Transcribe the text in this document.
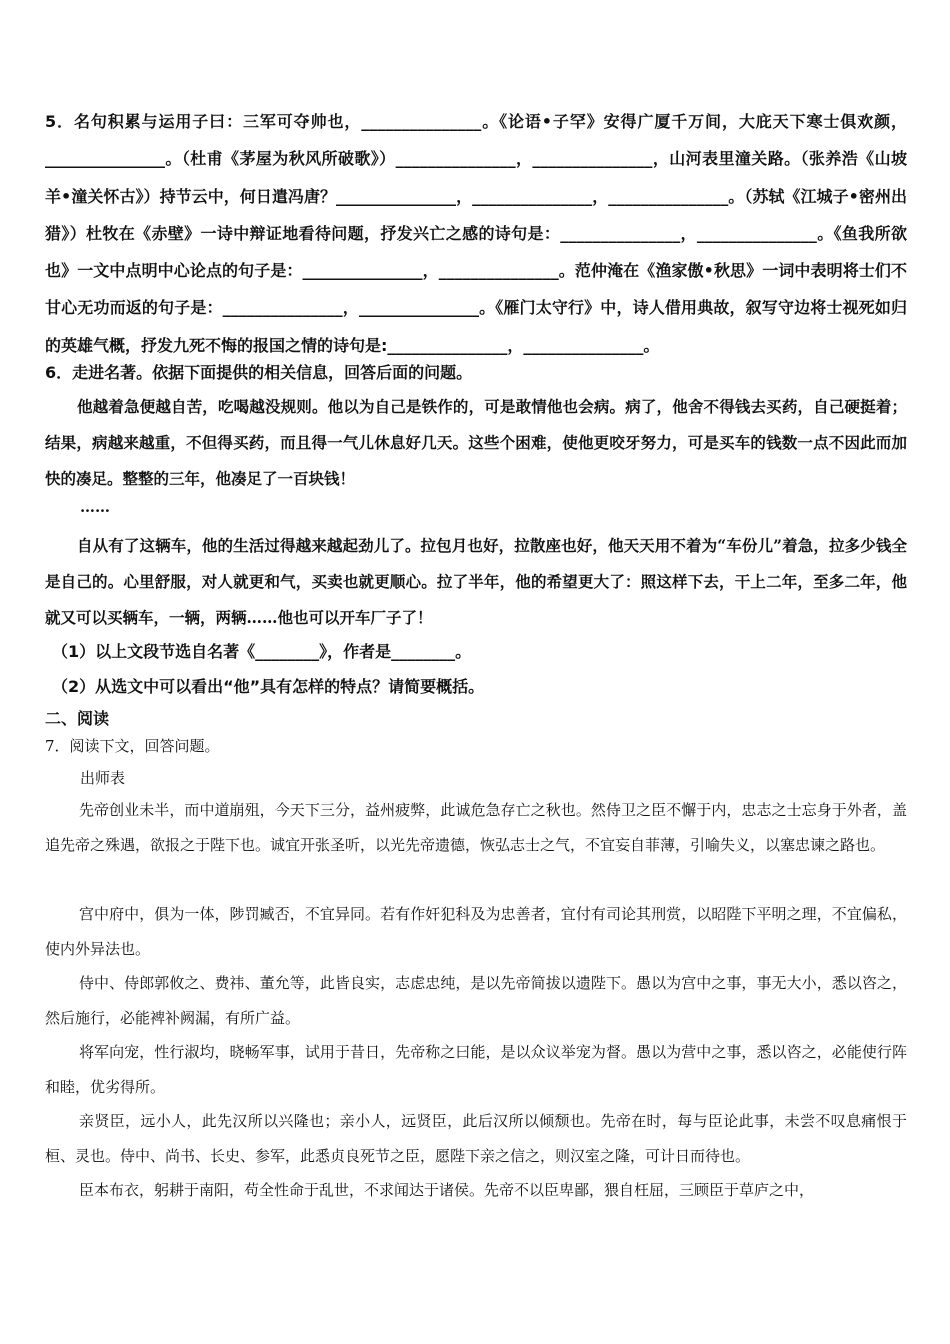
5．名句积累与运用子曰：三军可夺帅也，_______________。《论语•子罕》安得广厦千万间，大庇天下寒士俱欢颜，_______________。（杜甫《茅屋为秋风所破歌》）_______________，_______________，山河表里潼关路。（张养浩《山坡羊•潼关怀古》）持节云中，何日遣冯唐？_______________，_______________，_______________。（苏轼《江城子•密州出猎》）杜牧在《赤壁》一诗中辩证地看待问题，抒发兴亡之感的诗句是：_______________，_______________。《鱼我所欲也》一文中点明中心论点的句子是：_______________，_______________。范仲淹在《渔家傲•秋思》一词中表明将士们不甘心无功而返的句子是：_______________，_______________。《雁门太守行》中，诗人借用典故，叙写守边将士视死如归的英雄气概，抒发九死不悔的报国之情的诗句是:_______________，_______________。
6．走进名著。依据下面提供的相关信息，回答后面的问题。
他越着急便越自苦，吃喝越没规则。他以为自己是铁作的，可是敢情他也会病。病了，他舍不得钱去买药，自己硬挺着；结果，病越来越重，不但得买药，而且得一气儿休息好几天。这些个困难，使他更咬牙努力，可是买车的钱数一点不因此而加快的凑足。整整的三年，他凑足了一百块钱！
……
自从有了这辆车，他的生活过得越来越起劲儿了。拉包月也好，拉散座也好，他天天用不着为“车份儿”着急，拉多少钱全是自己的。心里舒服，对人就更和气，买卖也就更顺心。拉了半年，他的希望更大了：照这样下去，干上二年，至多二年，他就又可以买辆车，一辆，两辆……他也可以开车厂子了！
（1）以上文段节选自名著《________》，作者是________。
（2）从选文中可以看出“他”具有怎样的特点？请简要概括。
二、阅读
7．阅读下文，回答问题。
出师表
先帝创业未半，而中道崩殂，今天下三分，益州疲弊，此诚危急存亡之秋也。然侍卫之臣不懈于内，忠志之士忘身于外者，盖追先帝之殊遇，欲报之于陛下也。诚宜开张圣听，以光先帝遗德，恢弘志士之气，不宜妄自菲薄，引喻失义，以塞忠谏之路也。
宫中府中，俱为一体，陟罚臧否，不宜异同。若有作奸犯科及为忠善者，宜付有司论其刑赏，以昭陛下平明之理，不宜偏私，使内外异法也。
侍中、侍郎郭攸之、费祎、董允等，此皆良实，志虑忠纯，是以先帝简拔以遗陛下。愚以为宫中之事，事无大小，悉以咨之，然后施行，必能裨补阙漏，有所广益。
将军向宠，性行淑均，晓畅军事，试用于昔日，先帝称之曰能，是以众议举宠为督。愚以为营中之事，悉以咨之，必能使行阵和睦，优劣得所。
亲贤臣，远小人，此先汉所以兴隆也；亲小人，远贤臣，此后汉所以倾颓也。先帝在时，每与臣论此事，未尝不叹息痛恨于桓、灵也。侍中、尚书、长史、参军，此悉贞良死节之臣，愿陛下亲之信之，则汉室之隆，可计日而待也。
臣本布衣，躬耕于南阳，苟全性命于乱世，不求闻达于诸侯。先帝不以臣卑鄙，猥自枉屈，三顾臣于草庐之中，
